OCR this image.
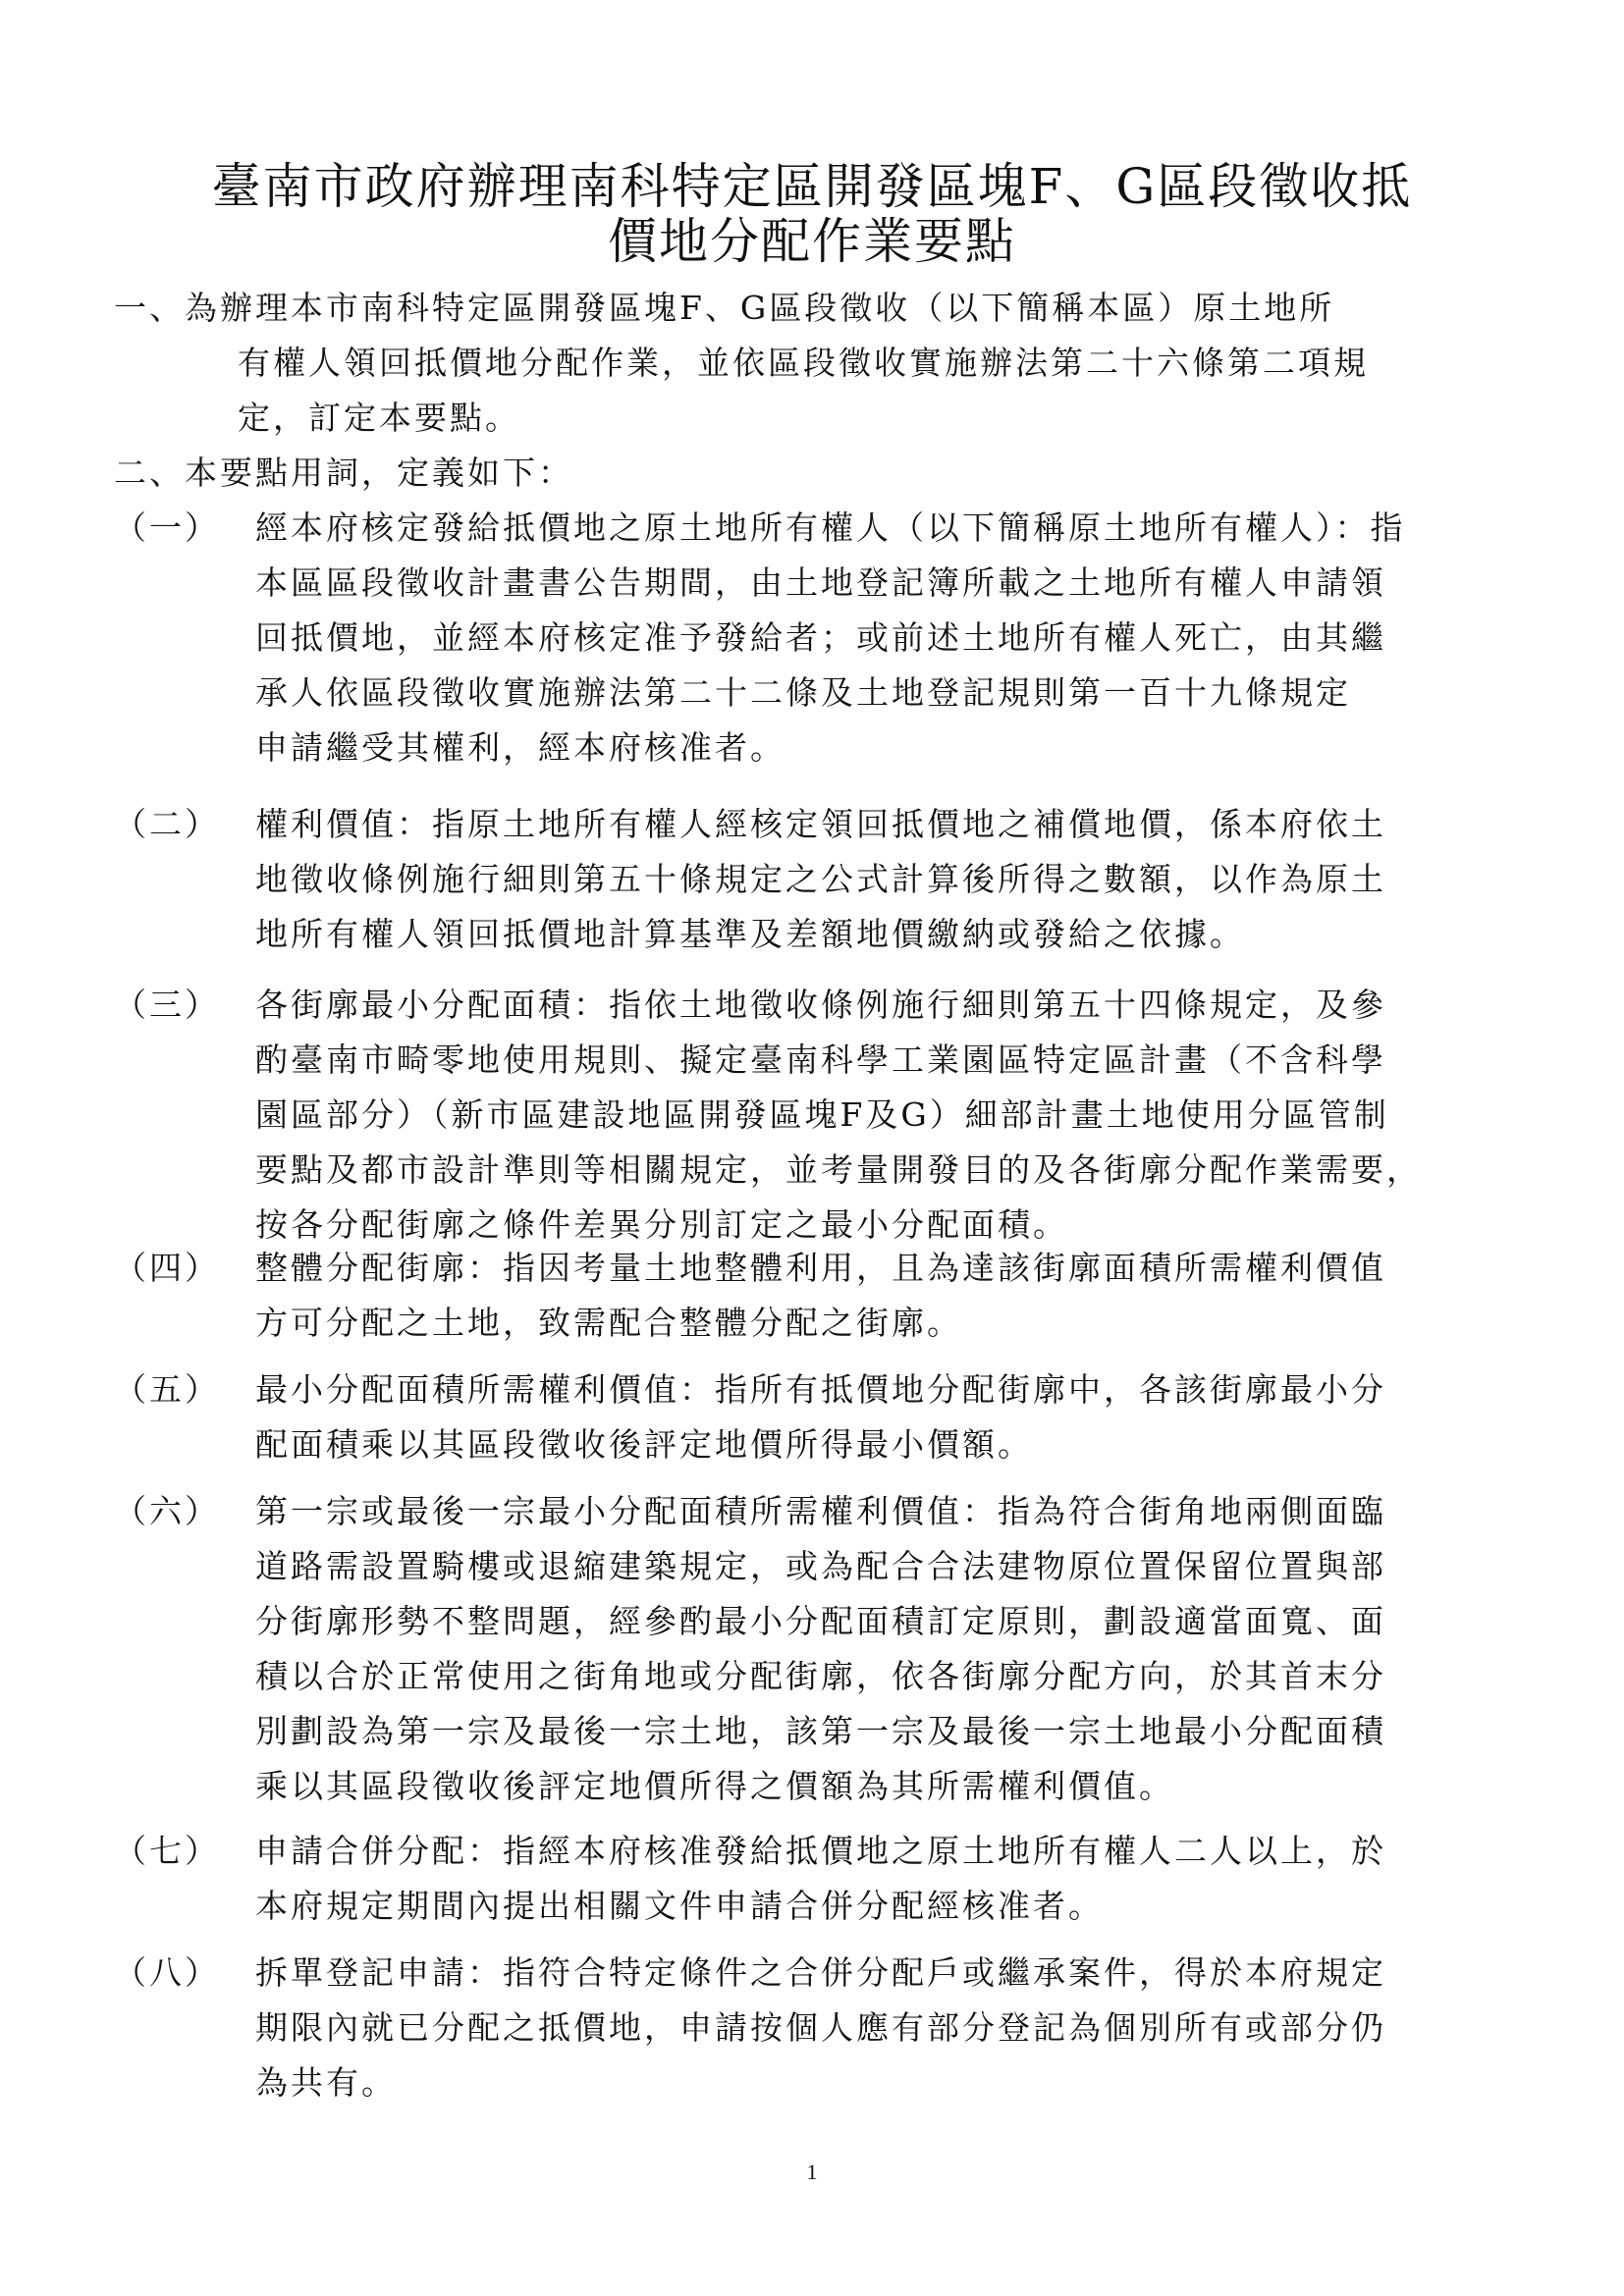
臺南市政府辦理南科特定區開發區塊F、G區段徵收抵
價地分配作業要點
一、 為辦理本市南科特定區開發區塊F、G區段徵收（以下簡稱本區）原土地所
有權人領回抵價地分配作業，並依區段徵收實施辦法第二十六條第二項規
定，訂定本要點。
二、 本要點用詞，定義如下：
（一） 經本府核定發給抵價地之原土地所有權人（以下簡稱原土地所有權人）：指
本區區段徵收計畫書公告期間，由土地登記簿所載之土地所有權人申請領
回抵價地，並經本府核定准予發給者；或前述土地所有權人死亡，由其繼
承人依區段徵收實施辦法第二十二條及土地登記規則第一百十九條規定
申請繼受其權利，經本府核准者。
（二） 權利價值：指原土地所有權人經核定領回抵價地之補償地價，係本府依土
地徵收條例施行細則第五十條規定之公式計算後所得之數額，以作為原土
地所有權人領回抵價地計算基準及差額地價繳納或發給之依據。
（三） 各街廓最小分配面積：指依土地徵收條例施行細則第五十四條規定，及參
酌臺南市畸零地使用規則、擬定臺南科學工業園區特定區計畫（不含科學
園區部分）（新市區建設地區開發區塊F及G）細部計畫土地使用分區管制
要點及都市設計準則等相關規定，並考量開發目的及各街廓分配作業需要，
按各分配街廓之條件差異分別訂定之最小分配面積。
（四） 整體分配街廓：指因考量土地整體利用，且為達該街廓面積所需權利價值
方可分配之土地，致需配合整體分配之街廓。
（五） 最小分配面積所需權利價值：指所有抵價地分配街廓中，各該街廓最小分
配面積乘以其區段徵收後評定地價所得最小價額。
（六） 第一宗或最後一宗最小分配面積所需權利價值：指為符合街角地兩側面臨
道路需設置騎樓或退縮建築規定，或為配合合法建物原位置保留位置與部
分街廓形勢不整問題，經參酌最小分配面積訂定原則，劃設適當面寬、面
積以合於正常使用之街角地或分配街廓，依各街廓分配方向，於其首末分
別劃設為第一宗及最後一宗土地，該第一宗及最後一宗土地最小分配面積
乘以其區段徵收後評定地價所得之價額為其所需權利價值。
（七） 申請合併分配：指經本府核准發給抵價地之原土地所有權人二人以上，於
本府規定期間內提出相關文件申請合併分配經核准者。
（八） 拆單登記申請：指符合特定條件之合併分配戶或繼承案件，得於本府規定
期限內就已分配之抵價地，申請按個人應有部分登記為個別所有或部分仍
為共有。
1
